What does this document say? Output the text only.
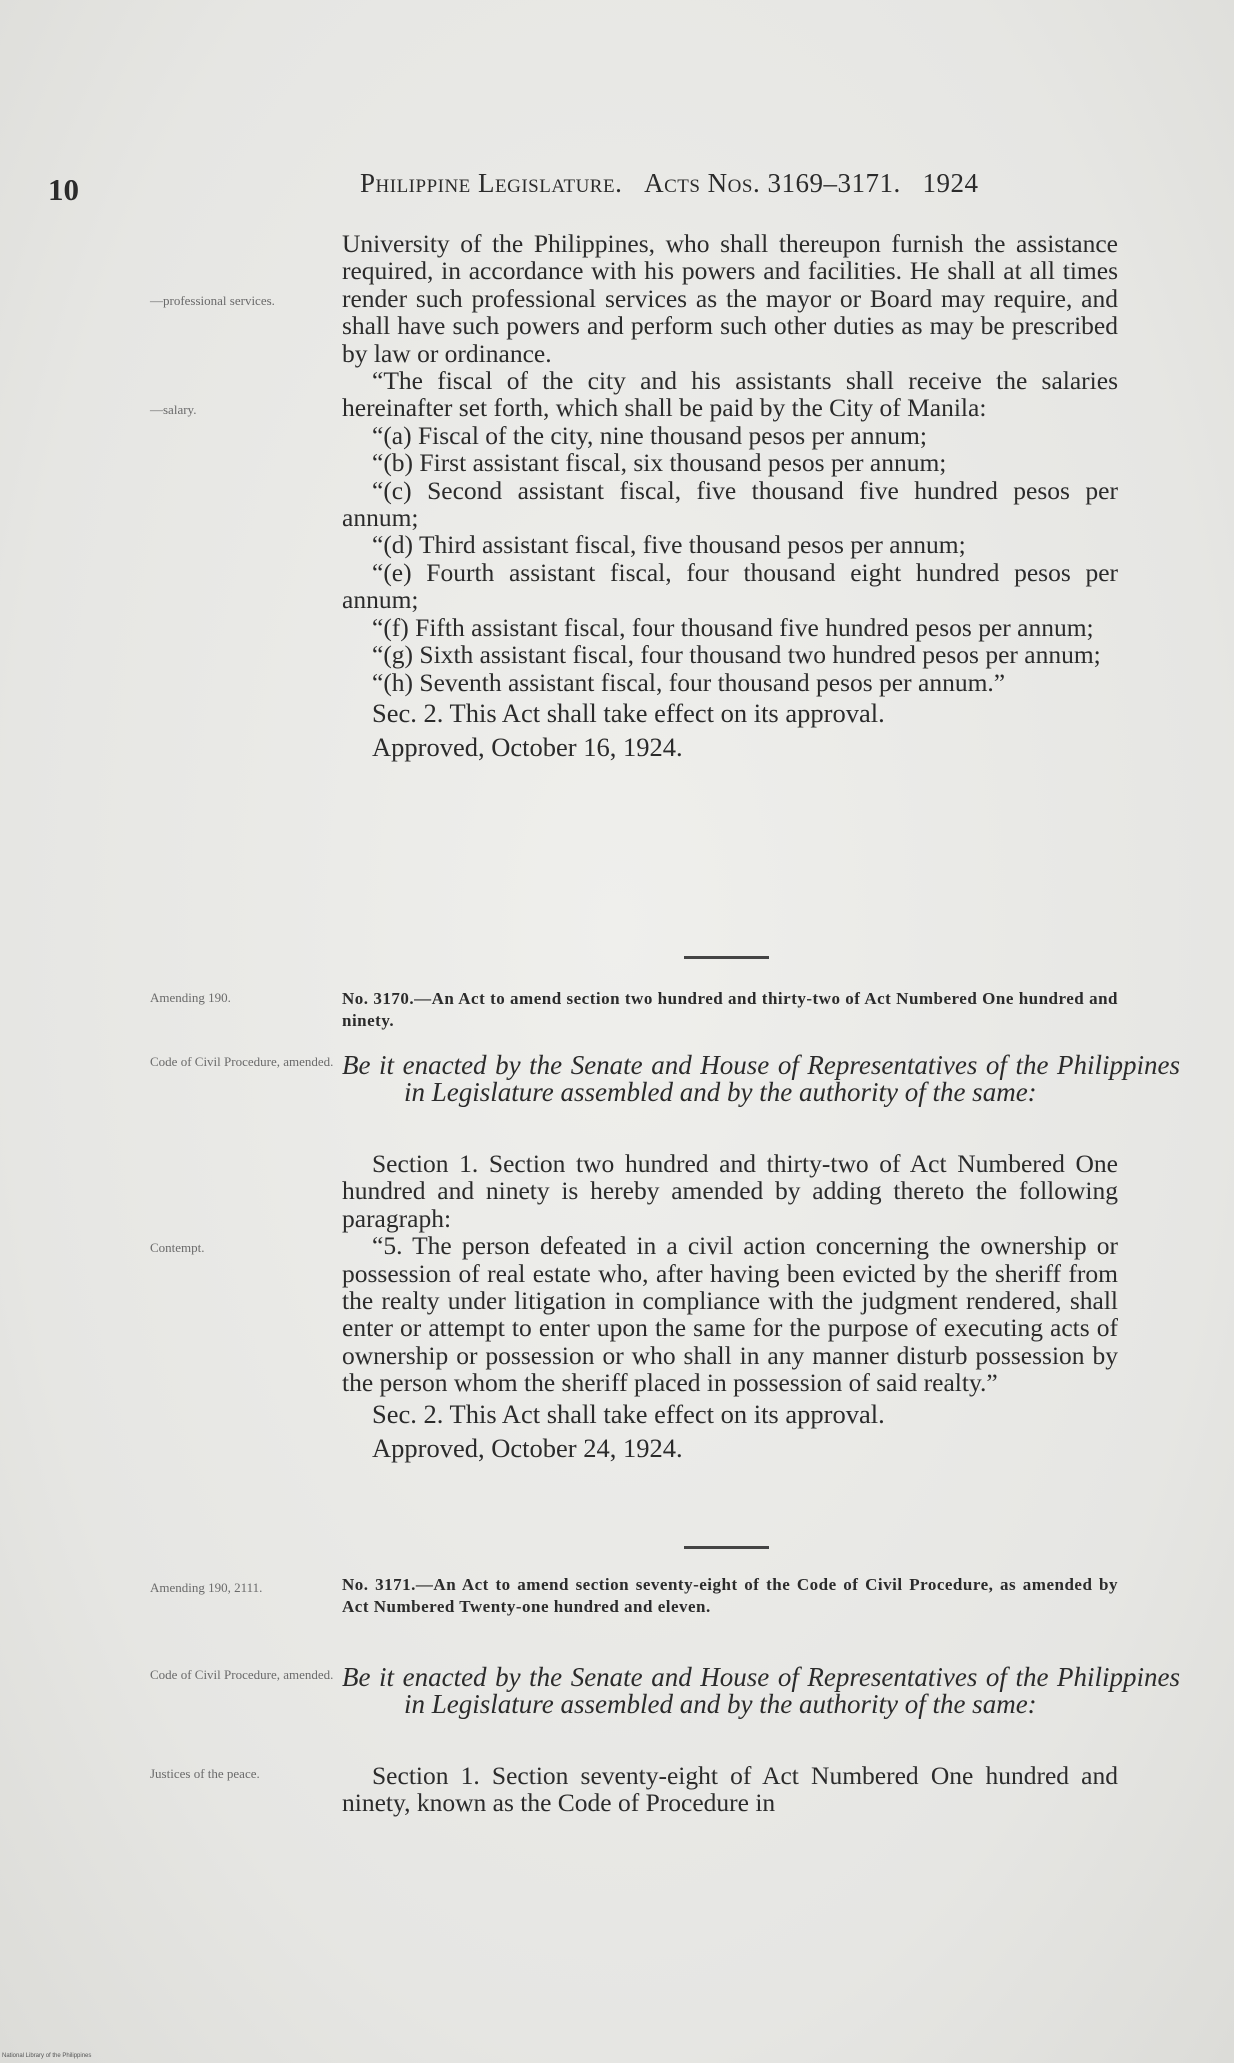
10	Philippine Legislature. Acts Nos. 3169–3171. 1924
University of the Philippines, who shall thereupon furnish the assistance required, in accordance with his powers and facilities. He shall at all times render such professional services as the mayor or Board may require, and shall have such powers and perform such other duties as may be prescribed by law or ordinance.
“The fiscal of the city and his assistants shall receive the salaries hereinafter set forth, which shall be paid by the City of Manila:
“(a) Fiscal of the city, nine thousand pesos per annum;
“(b) First assistant fiscal, six thousand pesos per annum;
“(c) Second assistant fiscal, five thousand five hundred pesos per annum;
“(d) Third assistant fiscal, five thousand pesos per annum;
“(e) Fourth assistant fiscal, four thousand eight hundred pesos per annum;
“(f) Fifth assistant fiscal, four thousand five hundred pesos per annum;
“(g) Sixth assistant fiscal, four thousand two hundred pesos per annum;
“(h) Seventh assistant fiscal, four thousand pesos per annum.”
Sec. 2. This Act shall take effect on its approval.
Approved, October 16, 1924.
—professional services.
—salary.
Amending 190.	No. 3170.—An Act to amend section two hundred and thirty-two of Act Numbered One hundred and ninety.
Code of Civil Procedure, amended. Be it enacted by the Senate and House of Representatives of the Philippines in Legislature assembled and by the authority of the same:
Section 1. Section two hundred and thirty-two of Act Numbered One hundred and ninety is hereby amended by adding thereto the following paragraph:
“5. The person defeated in a civil action concerning the ownership or possession of real estate who, after having been evicted by the sheriff from the realty under litigation in compliance with the judgment rendered, shall enter or attempt to enter upon the same for the purpose of executing acts of ownership or possession or who shall in any manner disturb possession by the person whom the sheriff placed in possession of said realty.”
Sec. 2. This Act shall take effect on its approval.
Approved, October 24, 1924.
Contempt.
Amending 190, 2111.	No. 3171.—An Act to amend section seventy-eight of the Code of Civil Procedure, as amended by Act Numbered Twenty-one hundred and eleven.
Code of Civil Procedure, amended. Be it enacted by the Senate and House of Representatives of the Philippines in Legislature assembled and by the authority of the same:
Justices of the peace.	Section 1. Section seventy-eight of Act Numbered One hundred and ninety, known as the Code of Procedure in
National Library of the Philippines
